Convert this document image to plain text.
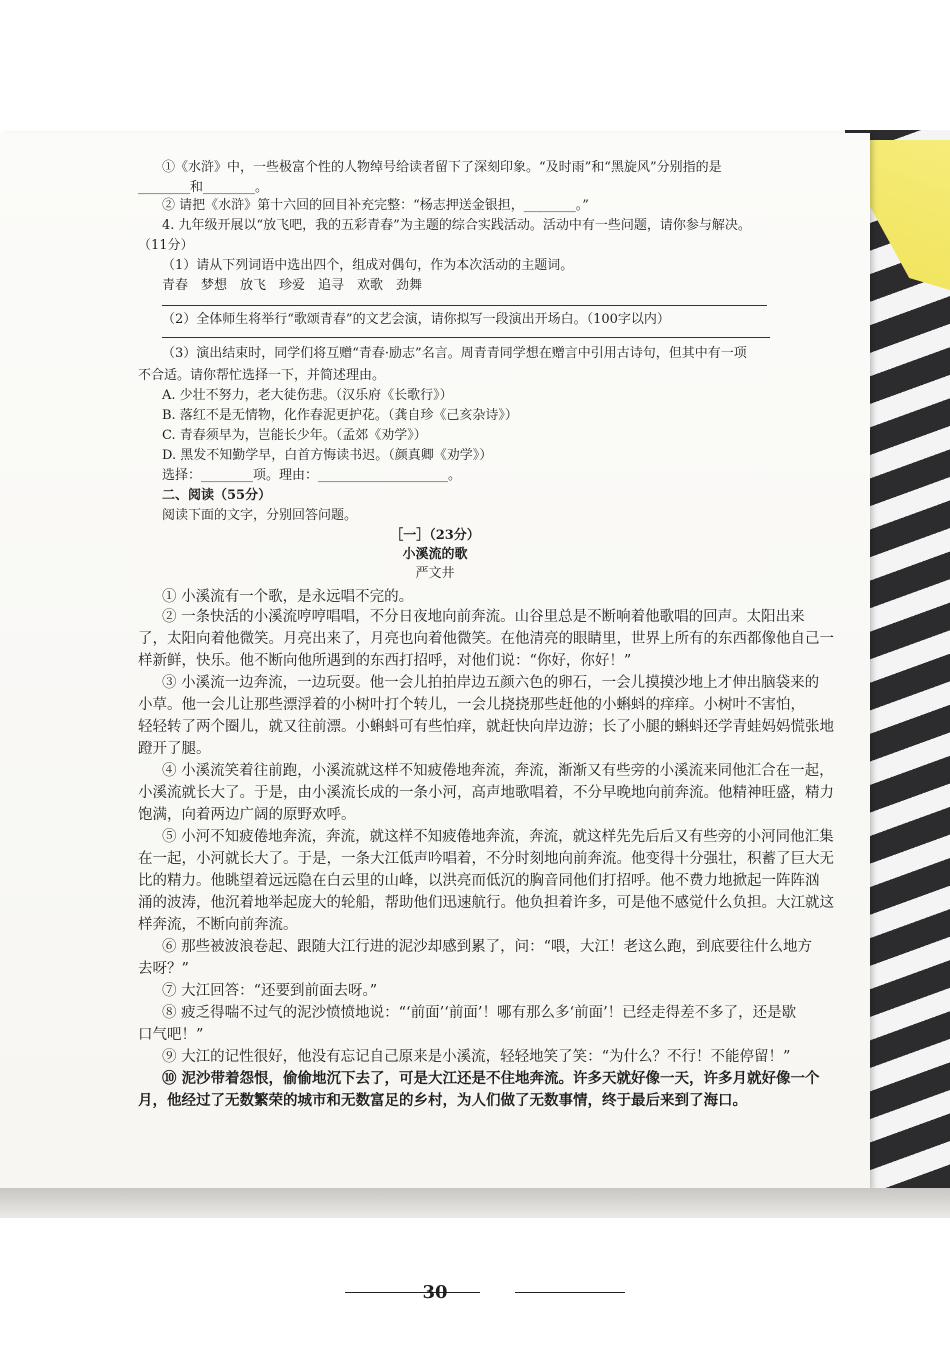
①《水浒》中，一些极富个性的人物绰号给读者留下了深刻印象。“及时雨”和“黑旋风”分别指的是
________和________。
② 请把《水浒》第十六回的回目补充完整：“杨志押送金银担，________。”
4. 九年级开展以“放飞吧，我的五彩青春”为主题的综合实践活动。活动中有一些问题，请你参与解决。
（11分）
（1）请从下列词语中选出四个，组成对偶句，作为本次活动的主题词。
青春　梦想　放飞　珍爱　追寻　欢歌　劲舞
（2）全体师生将举行“歌颂青春”的文艺会演，请你拟写一段演出开场白。（100字以内）
（3）演出结束时，同学们将互赠“青春·励志”名言。周青青同学想在赠言中引用古诗句，但其中有一项
不合适。请你帮忙选择一下，并简述理由。
A. 少壮不努力，老大徒伤悲。（汉乐府《长歌行》）
B. 落红不是无情物，化作春泥更护花。（龚自珍《己亥杂诗》）
C. 青春须早为，岂能长少年。（孟郊《劝学》）
D. 黑发不知勤学早，白首方悔读书迟。（颜真卿《劝学》）
选择：________项。理由：____________________。
二、阅读（55分）
阅读下面的文字，分别回答问题。
［一］（23分）
小溪流的歌
严文井
① 小溪流有一个歌，是永远唱不完的。
② 一条快活的小溪流哼哼唱唱，不分日夜地向前奔流。山谷里总是不断响着他歌唱的回声。太阳出来
了，太阳向着他微笑。月亮出来了，月亮也向着他微笑。在他清亮的眼睛里，世界上所有的东西都像他自己一
样新鲜，快乐。他不断向他所遇到的东西打招呼，对他们说：“你好，你好！”
③ 小溪流一边奔流，一边玩耍。他一会儿拍拍岸边五颜六色的卵石，一会儿摸摸沙地上才伸出脑袋来的
小草。他一会儿让那些漂浮着的小树叶打个转儿，一会儿挠挠那些赶他的小蝌蚪的痒痒。小树叶不害怕，
轻轻转了两个圈儿，就又往前漂。小蝌蚪可有些怕痒，就赶快向岸边游；长了小腿的蝌蚪还学青蛙妈妈慌张地
蹬开了腿。
④ 小溪流笑着往前跑，小溪流就这样不知疲倦地奔流，奔流，渐渐又有些旁的小溪流来同他汇合在一起，
小溪流就长大了。于是，由小溪流长成的一条小河，高声地歌唱着，不分早晚地向前奔流。他精神旺盛，精力
饱满，向着两边广阔的原野欢呼。
⑤ 小河不知疲倦地奔流，奔流，就这样不知疲倦地奔流，奔流，就这样先先后后又有些旁的小河同他汇集
在一起，小河就长大了。于是，一条大江低声吟唱着，不分时刻地向前奔流。他变得十分强壮，积蓄了巨大无
比的精力。他眺望着远远隐在白云里的山峰，以洪亮而低沉的胸音同他们打招呼。他不费力地掀起一阵阵汹
涌的波涛，他沉着地举起庞大的轮船，帮助他们迅速航行。他负担着许多，可是他不感觉什么负担。大江就这
样奔流，不断向前奔流。
⑥ 那些被波浪卷起、跟随大江行进的泥沙却感到累了，问：“喂，大江！老这么跑，到底要往什么地方
去呀？”
⑦ 大江回答：“还要到前面去呀。”
⑧ 疲乏得喘不过气的泥沙愤愤地说：“‘前面’‘前面’！哪有那么多‘前面’！已经走得差不多了，还是歇
口气吧！”
⑨ 大江的记性很好，他没有忘记自己原来是小溪流，轻轻地笑了笑：“为什么？不行！不能停留！”
⑩ 泥沙带着怨恨，偷偷地沉下去了，可是大江还是不住地奔流。许多天就好像一天，许多月就好像一个
月，他经过了无数繁荣的城市和无数富足的乡村，为人们做了无数事情，终于最后来到了海口。
30
